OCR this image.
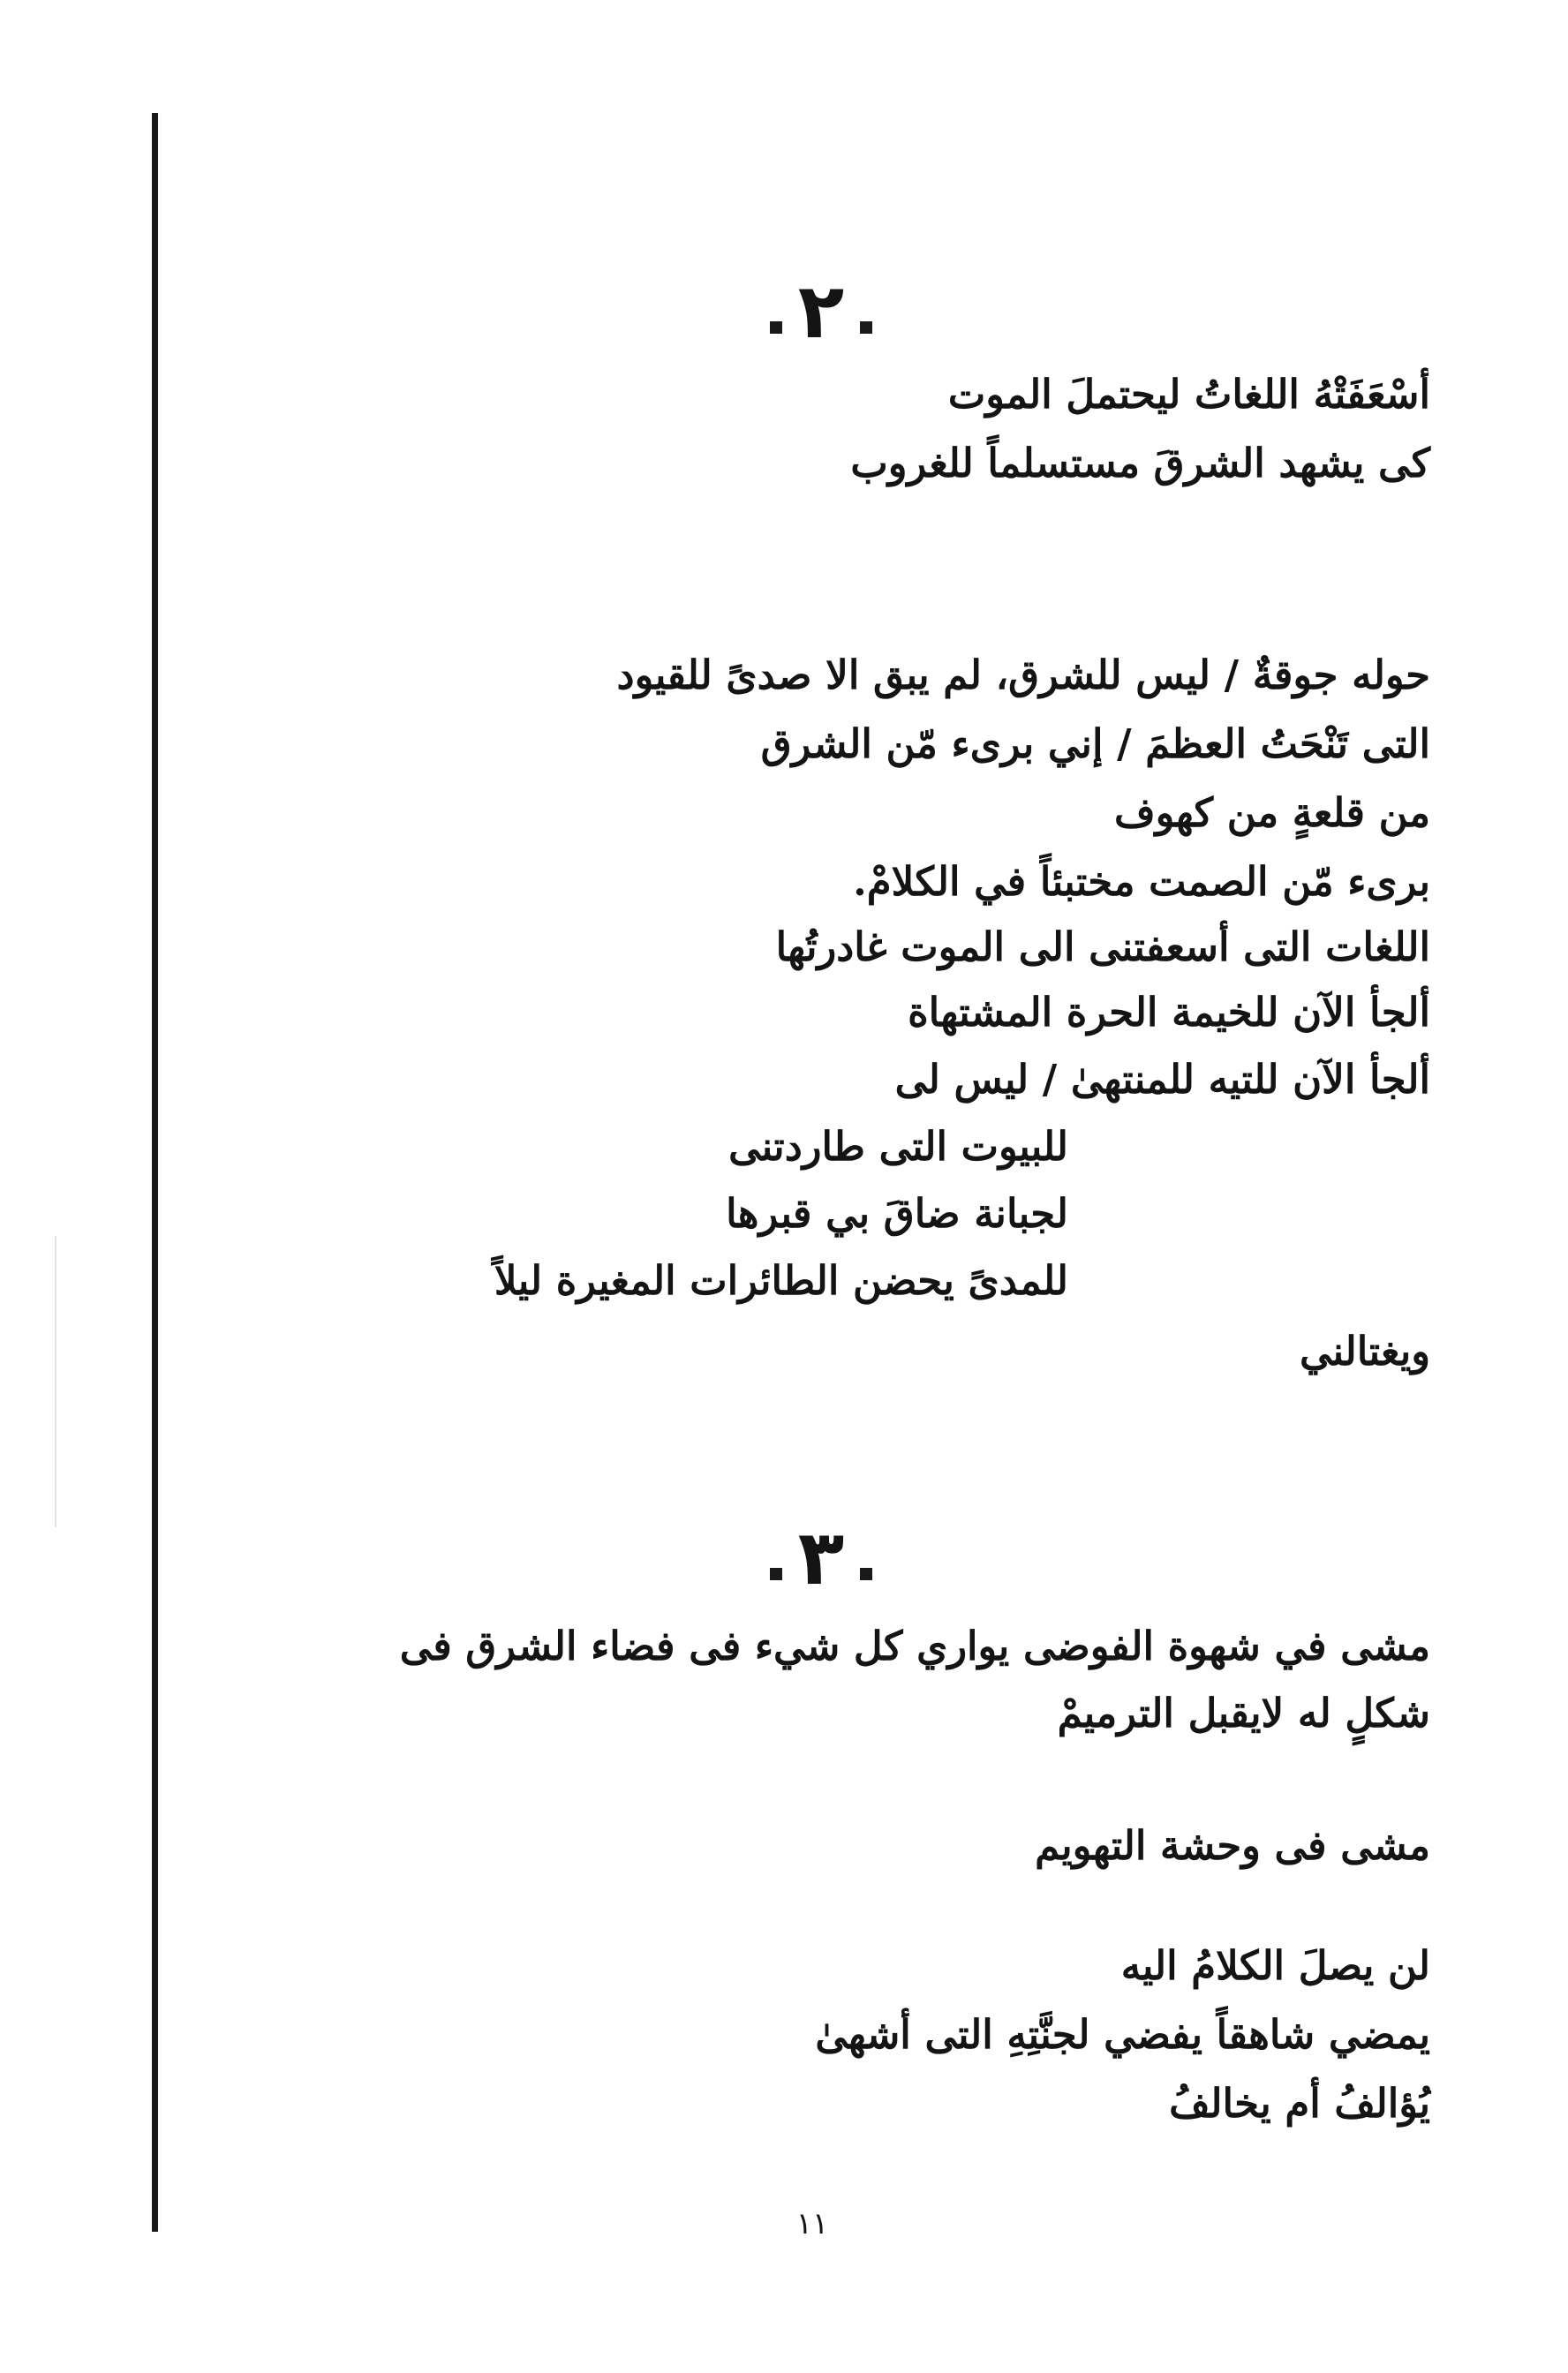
٢

أسْعَفَتْهُ اللغاتُ ليحتملَ الموت

كى يشهد الشرقَ مستسلماً للغروب

حوله جوقةٌ / ليس للشرق، لم يبق الا صدىً للقيود

التى تَنْحَتُ العظمَ / إني برىء مّن الشرق

من قلعةٍ من كهوف

برىء مّن الصمت مختبئاً في الكلامْ.

اللغات التى أسعفتنى الى الموت غادرتُها

ألجأ الآن للخيمة الحرة المشتهاة

ألجأ الآن للتيه للمنتهىٰ / ليس لى

للبيوت التى طاردتنى

لجبانة ضاقَ بي قبرها

للمدىً يحضن الطائرات المغيرة ليلاً

ويغتالني

٣

مشى في شهوة الفوضى يواري كل شيء فى فضاء الشرق فى

شكلٍ له لايقبل الترميمْ

مشى فى وحشة التهويم

لن يصلَ الكلامُ اليه

يمضي شاهقاً يفضي لجنَّتِهِ التى أشهىٰ

يُؤالفُ أم يخالفُ

١١
